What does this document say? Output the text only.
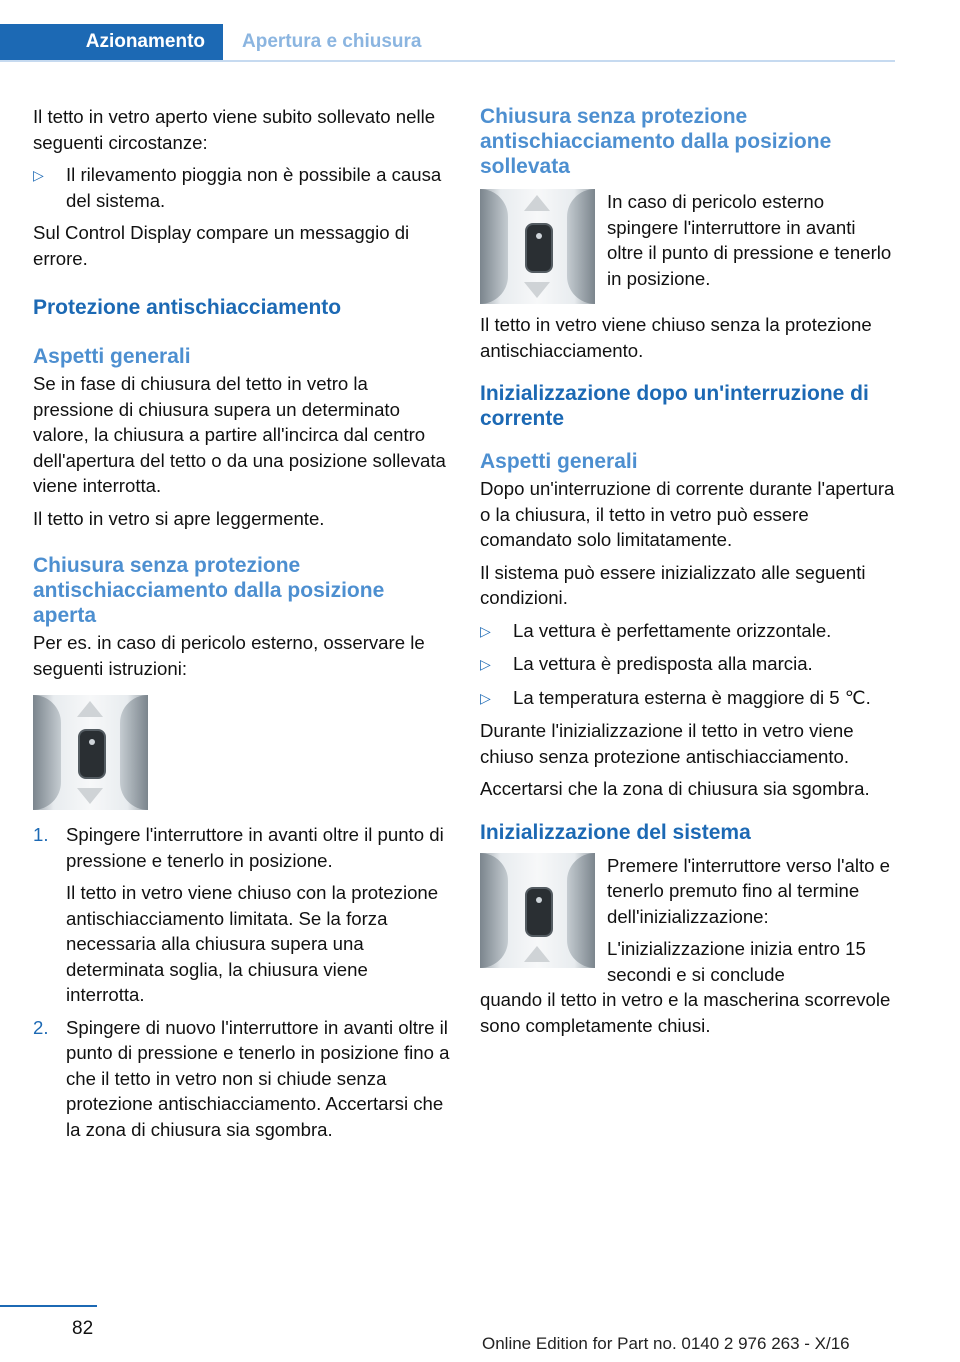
Azionamento	Apertura e chiusura

Il tetto in vetro aperto viene subito sollevato nelle seguenti circostanze:

▷	Il rilevamento pioggia non è possibile a causa del sistema.

Sul Control Display compare un messaggio di errore.

Protezione antischiacciamento
Aspetti generali

Se in fase di chiusura del tetto in vetro la pressione di chiusura supera un determinato valore, la chiusura a partire all'incirca dal centro dell'apertura del tetto o da una posizione sollevata viene interrotta.

Il tetto in vetro si apre leggermente.

Chiusura senza protezione antischiacciamento dalla posizione aperta

Per es. in caso di pericolo esterno, osservare le seguenti istruzioni:

1. Spingere l'interruttore in avanti oltre il punto di pressione e tenerlo in posizione.

Il tetto in vetro viene chiuso con la protezione antischiacciamento limitata. Se la forza necessaria alla chiusura supera una determinata soglia, la chiusura viene interrotta.

2. Spingere di nuovo l'interruttore in avanti oltre il punto di pressione e tenerlo in posizione fino a che il tetto in vetro non si chiude senza protezione antischiacciamento. Accertarsi che la zona di chiusura sia sgombra.
Chiusura senza protezione antischiacciamento dalla posizione sollevata

In caso di pericolo esterno spingere l'interruttore in avanti oltre il punto di pressione e tenerlo in posizione.

Il tetto in vetro viene chiuso senza la protezione antischiacciamento.

Inizializzazione dopo un'interruzione di corrente
Aspetti generali

Dopo un'interruzione di corrente durante l'apertura o la chiusura, il tetto in vetro può essere comandato solo limitatamente.

Il sistema può essere inizializzato alle seguenti condizioni.

▷	La vettura è perfettamente orizzontale.
▷	La vettura è predisposta alla marcia.
▷	La temperatura esterna è maggiore di 5 ℃.

Durante l'inizializzazione il tetto in vetro viene chiuso senza protezione antischiacciamento.

Accertarsi che la zona di chiusura sia sgombra.

Inizializzazione del sistema

Premere l'interruttore verso l'alto e tenerlo premuto fino al termine dell'inizializzazione:

L'inizializzazione inizia entro 15 secondi e si conclude

quando il tetto in vetro e la mascherina scorrevole sono completamente chiusi.

82
Online Edition for Part no. 0140 2 976 263 - X/16
